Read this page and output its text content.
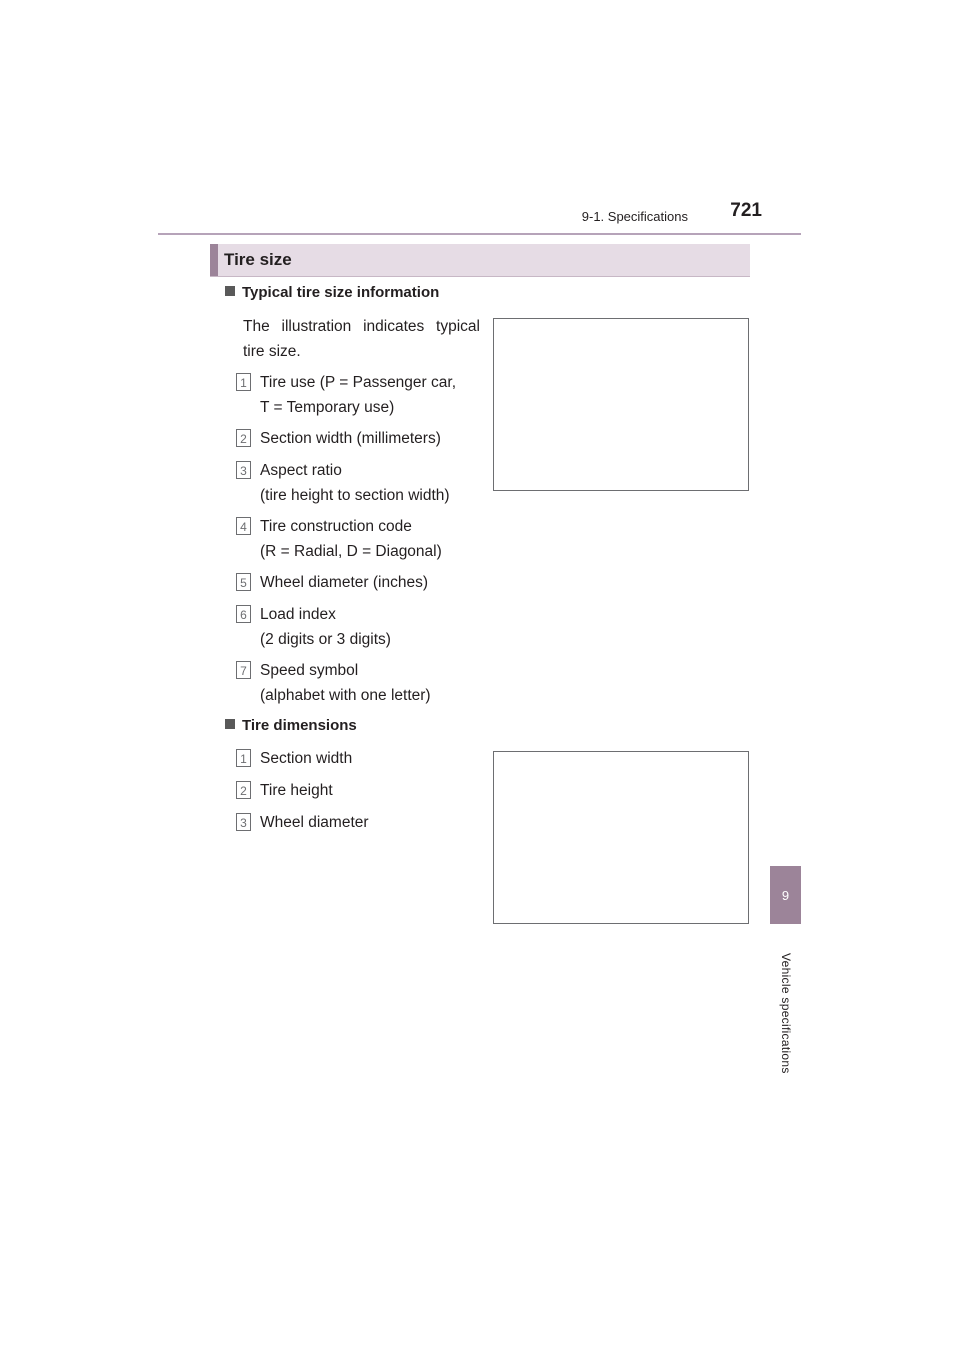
9-1. Specifications	721
9
Vehicle specifications
Tire size
Typical tire size information
The illustration indicates typical tire size.
1 Tire use (P = Passenger car,
T = Temporary use)
2 Section width (millimeters)
3 Aspect ratio
(tire height to section width)
4 Tire construction code
(R = Radial, D = Diagonal)
5 Wheel diameter (inches)
6 Load index
(2 digits or 3 digits)
7 Speed symbol
(alphabet with one letter)
Tire dimensions
1 Section width
2 Tire height
3 Wheel diameter
